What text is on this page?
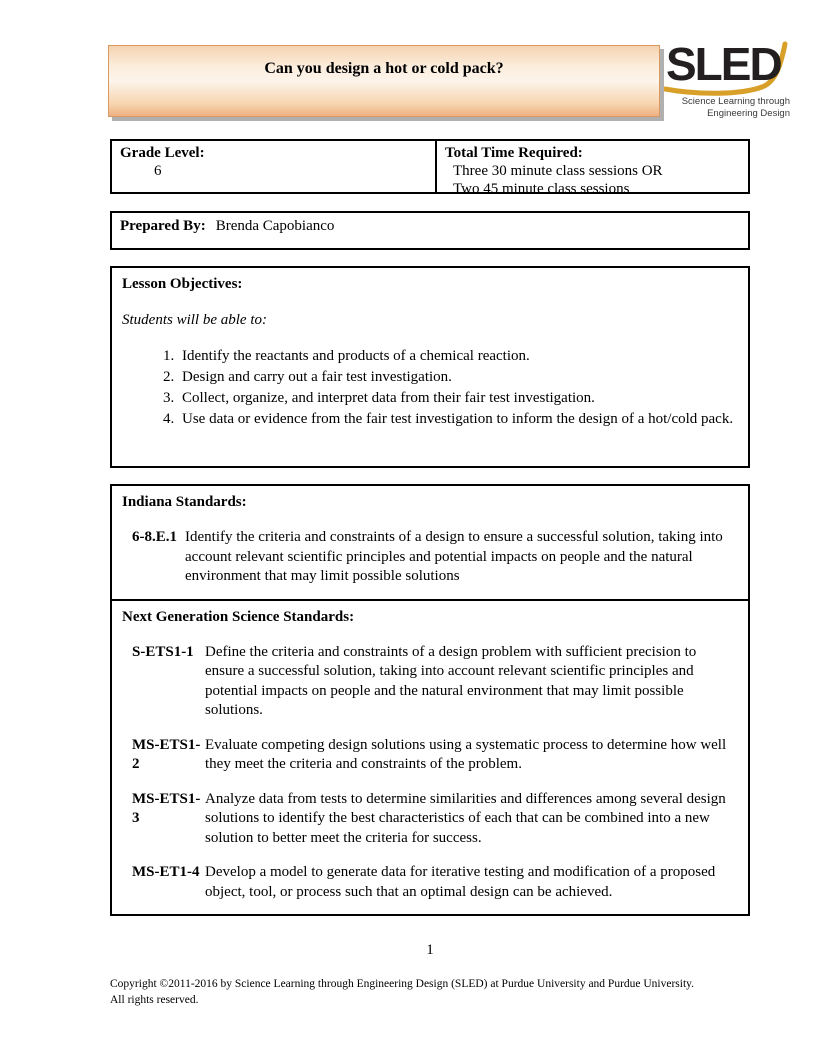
Can you design a hot or cold pack?	SLED
Science Learning through
Engineering Design
Grade Level:
6
Total Time Required:
Three 30 minute class sessions OR
Two 45 minute class sessions
Prepared By: Brenda Capobianco
Lesson Objectives:
Students will be able to:
1. Identify the reactants and products of a chemical reaction.
2. Design and carry out a fair test investigation.
3. Collect, organize, and interpret data from their fair test investigation.
4. Use data or evidence from the fair test investigation to inform the design of a hot/cold pack.
Indiana Standards:
6-8.E.1 Identify the criteria and constraints of a design to ensure a successful solution, taking into account relevant scientific principles and potential impacts on people and the natural environment that may limit possible solutions
Next Generation Science Standards:
S-ETS1-1 Define the criteria and constraints of a design problem with sufficient precision to ensure a successful solution, taking into account relevant scientific principles and potential impacts on people and the natural environment that may limit possible solutions.
MS-ETS1-2
Evaluate competing design solutions using a systematic process to determine how well they meet the criteria and constraints of the problem.
MS-ETS1-3
Analyze data from tests to determine similarities and differences among several design solutions to identify the best characteristics of each that can be combined into a new solution to better meet the criteria for success.
MS-ET1-4 Develop a model to generate data for iterative testing and modification of a proposed object, tool, or process such that an optimal design can be achieved.
1
Copyright ©2011-2016 by Science Learning through Engineering Design (SLED) at Purdue University and Purdue University.
All rights reserved.
